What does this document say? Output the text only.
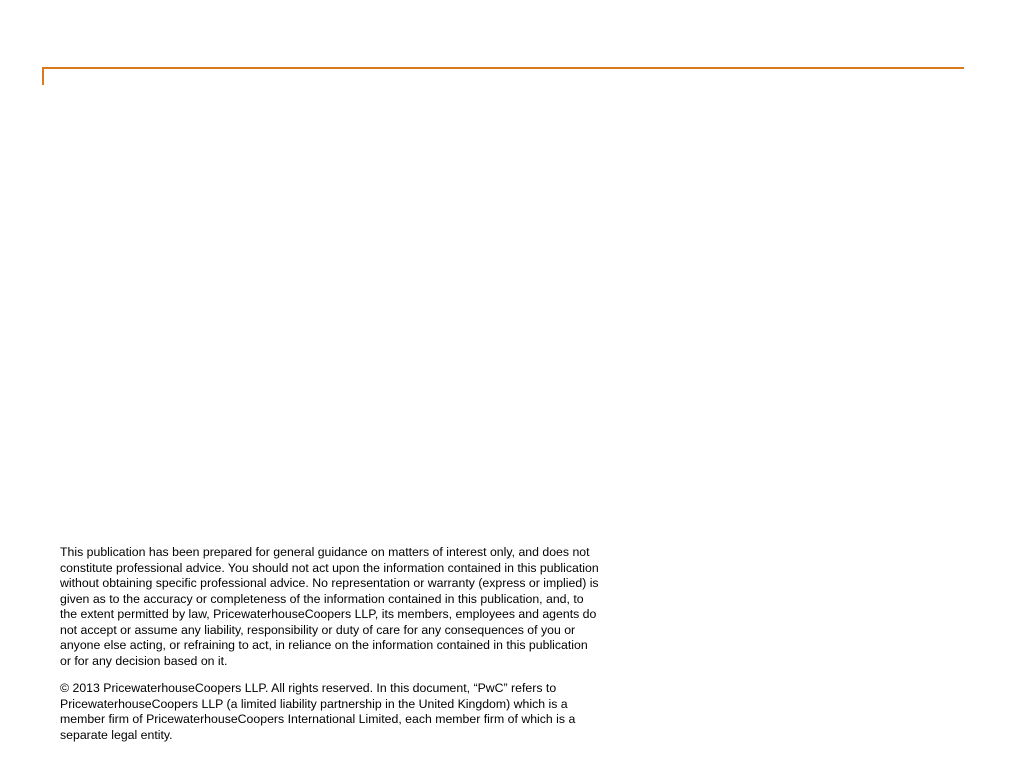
This publication has been prepared for general guidance on matters of interest only, and does not constitute professional advice. You should not act upon the information contained in this publication without obtaining specific professional advice. No representation or warranty (express or implied) is given as to the accuracy or completeness of the information contained in this publication, and, to the extent permitted by law, PricewaterhouseCoopers LLP, its members, employees and agents do not accept or assume any liability, responsibility or duty of care for any consequences of you or anyone else acting, or refraining to act, in reliance on the information contained in this publication or for any decision based on it.

© 2013 PricewaterhouseCoopers LLP. All rights reserved. In this document, “PwC” refers to PricewaterhouseCoopers LLP (a limited liability partnership in the United Kingdom) which is a member firm of PricewaterhouseCoopers International Limited, each member firm of which is a separate legal entity.
